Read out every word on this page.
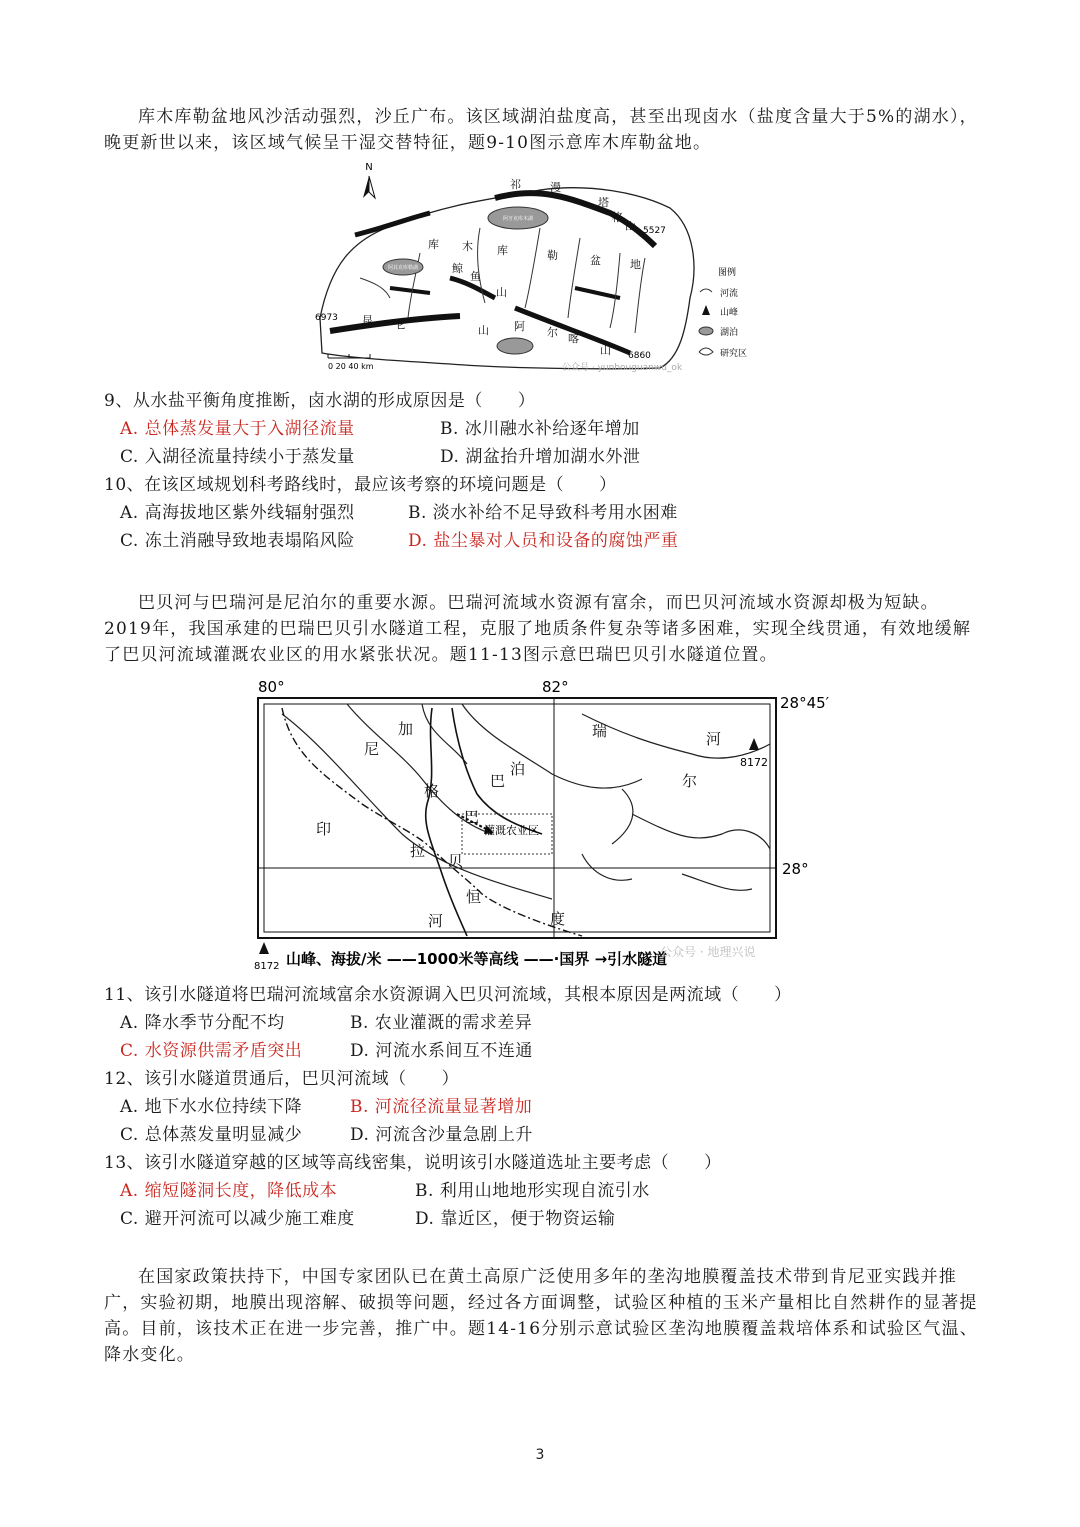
库木库勒盆地风沙活动强烈，沙丘广布。该区域湖泊盐度高，甚至出现卤水（盐度含量大于5%的湖水），晚更新世以来，该区域气候呈干湿交替特征，题9-10图示意库木库勒盆地。

N
阿牙克库木湖
阿其克库勒湖
祁	漫
塔
格
山
库 木 库	勒	盆	地
鲸
鱼
山
昆 仑	山 阿 尔 喀
山
5527
6973
6860
0 20 40 km
图例
河流
山峰
湖泊
研究区
公众号 · yunhouguanwu_ok

9、从水盐平衡角度推断，卤水湖的形成原因是（　　）

A. 总体蒸发量大于入湖径流量	B. 冰川融水补给逐年增加
C. 入湖径流量持续小于蒸发量	D. 湖盆抬升增加湖水外泄

10、在该区域规划科考路线时，最应该考察的环境问题是（　　）

A. 高海拔地区紫外线辐射强烈	B. 淡水补给不足导致科考用水困难
C. 冻土消融导致地表塌陷风险	D. 盐尘暴对人员和设备的腐蚀严重

巴贝河与巴瑞河是尼泊尔的重要水源。巴瑞河流域水资源有富余，而巴贝河流域水资源却极为短缺。2019年，我国承建的巴瑞巴贝引水隧道工程，克服了地质条件复杂等诸多困难，实现全线贯通，有效地缓解了巴贝河流域灌溉农业区的用水紧张状况。题11-13图示意巴瑞巴贝引水隧道位置。

80°	82°
28°45′
28°
灌溉农业区
加
尼
泊
尔
格
巴
瑞	河
巴
贝
印
拉
河	度
恒
8172
8172 山峰、海拔/米 ——1000米等高线 ——·国界 →引水隧道
公众号 · 地理兴说

11、该引水隧道将巴瑞河流域富余水资源调入巴贝河流域，其根本原因是两流域（　　）

A. 降水季节分配不均	B. 农业灌溉的需求差异
C. 水资源供需矛盾突出	D. 河流水系间互不连通

12、该引水隧道贯通后，巴贝河流域（　　）

A. 地下水水位持续下降	B. 河流径流量显著增加
C. 总体蒸发量明显减少	D. 河流含沙量急剧上升

13、该引水隧道穿越的区域等高线密集，说明该引水隧道选址主要考虑（　　）

A. 缩短隧洞长度，降低成本	B. 利用山地地形实现自流引水
C. 避开河流可以减少施工难度	D. 靠近区，便于物资运输

在国家政策扶持下，中国专家团队已在黄土高原广泛使用多年的垄沟地膜覆盖技术带到肯尼亚实践并推广，实验初期，地膜出现溶解、破损等问题，经过各方面调整，试验区种植的玉米产量相比自然耕作的显著提高。目前，该技术正在进一步完善，推广中。题14-16分别示意试验区垄沟地膜覆盖栽培体系和试验区气温、降水变化。

3
